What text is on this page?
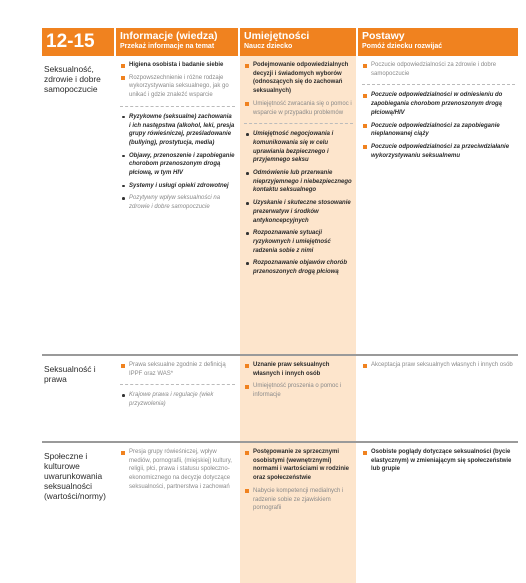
12-15	Informacje (wiedza)
Przekaż informacje na temat
Umiejętności
Naucz dziecko
Postawy
Pomóż dziecku rozwijać
Seksualność, zdrowie i dobre samopoczucie
Higiena osobista i badanie siebie
Rozpowszechnienie i różne rodzaje wykorzystywania seksualnego, jak go unikać i gdzie znaleźć wsparcie
Ryzykowne (seksualne) zachowania i ich następstwa (alkohol, leki, presja grupy rówieśniczej, prześladowanie (bullying), prostytucja, media)
Objawy, przenoszenie i zapobieganie chorobom przenoszonym drogą płciową, w tym HIV
Systemy i usługi opieki zdrowotnej
Pozytywny wpływ seksualności na zdrowie i dobre samopoczucie
Podejmowanie odpowiedzialnych decyzji i świadomych wyborów (odnoszących się do zachowań seksualnych)
Umiejętność zwracania się o pomoc i wsparcie w przypadku problemów
Umiejętność negocjowania i komunikowania się w celu uprawiania bezpiecznego i przyjemnego seksu
Odmówienie lub przerwanie nieprzyjemnego i niebezpiecznego kontaktu seksualnego
Uzyskanie i skuteczne stosowanie prezerwatyw i środków antykoncepcyjnych
Rozpoznawanie sytuacji ryzykownych i umiejętność radzenia sobie z nimi
Rozpoznawanie objawów chorób przenoszonych drogą płciową
Poczucie odpowiedzialności za zdrowie i dobre samopoczucie
Poczucie odpowiedzialności w odniesieniu do zapobiegania chorobom przenoszonym drogą płciową/HIV
Poczucie odpowiedzialności za zapobieganie nieplanowanej ciąży
Poczucie odpowiedzialności za przeciwdziałanie wykorzystywaniu seksualnemu
Seksualność i prawa
Prawa seksualne zgodnie z definicją IPPF oraz WAS*
Krajowe prawa i regulacje (wiek przyzwolenia)
Uznanie praw seksualnych własnych i innych osób
Umiejętność proszenia o pomoc i informacje
Akceptacja praw seksualnych własnych i innych osób
Społeczne i kulturowe uwarunkowania seksualności (wartości/normy)
Presja grupy rówieśniczej, wpływ mediów, pornografii, (miejskiej) kultury, religii, płci, prawa i statusu społeczno-ekonomicznego na decyzje dotyczące seksualności, partnerstwa i zachowań
Postępowanie ze sprzecznymi osobistymi (wewnętrznymi) normami i wartościami w rodzinie oraz społeczeństwie
Nabycie kompetencji medialnych i radzenie sobie ze zjawiskiem pornografii
Osobiste poglądy dotyczące seksualności (bycie elastycznym) w zmieniającym się społeczeństwie lub grupie
